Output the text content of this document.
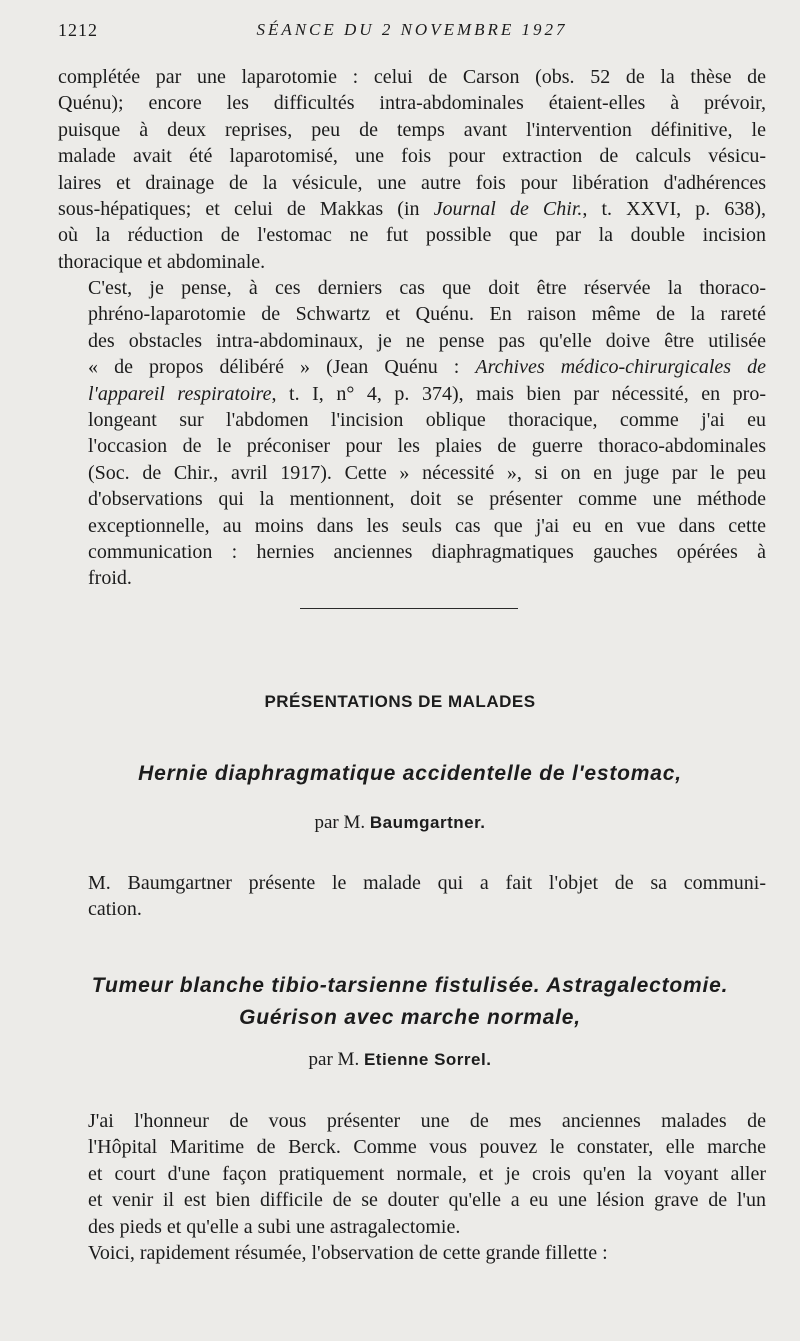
1212	SÉANCE DU 2 NOVEMBRE 1927

complétée par une laparotomie : celui de Carson (obs. 52 de la thèse de
Quénu); encore les difficultés intra-abdominales étaient-elles à prévoir,
puisque à deux reprises, peu de temps avant l'intervention définitive, le
malade avait été laparotomisé, une fois pour extraction de calculs vésicu-
laires et drainage de la vésicule, une autre fois pour libération d'adhérences
sous-hépatiques; et celui de Makkas (in Journal de Chir., t. XXVI, p. 638),
où la réduction de l'estomac ne fut possible que par la double incision
thoracique et abdominale.

C'est, je pense, à ces derniers cas que doit être réservée la thoraco-
phréno-laparotomie de Schwartz et Quénu. En raison même de la rareté
des obstacles intra-abdominaux, je ne pense pas qu'elle doive être utilisée
« de propos délibéré » (Jean Quénu : Archives médico-chirurgicales de
l'appareil respiratoire, t. I, n° 4, p. 374), mais bien par nécessité, en pro-
longeant sur l'abdomen l'incision oblique thoracique, comme j'ai eu
l'occasion de le préconiser pour les plaies de guerre thoraco-abdominales
(Soc. de Chir., avril 1917). Cette » nécessité », si on en juge par le peu
d'observations qui la mentionnent, doit se présenter comme une méthode
exceptionnelle, au moins dans les seuls cas que j'ai eu en vue dans cette
communication : hernies anciennes diaphragmatiques gauches opérées à
froid.

PRÉSENTATIONS DE MALADES
Hernie diaphragmatique accidentelle de l'estomac,
par M. Baumgartner.

M. Baumgartner présente le malade qui a fait l'objet de sa communi-
cation.

Tumeur blanche tibio-tarsienne fistulisée. Astragalectomie.
Guérison avec marche normale,
par M. Etienne Sorrel.

J'ai l'honneur de vous présenter une de mes anciennes malades de
l'Hôpital Maritime de Berck. Comme vous pouvez le constater, elle marche
et court d'une façon pratiquement normale, et je crois qu'en la voyant aller
et venir il est bien difficile de se douter qu'elle a eu une lésion grave de l'un
des pieds et qu'elle a subi une astragalectomie.
Voici, rapidement résumée, l'observation de cette grande fillette :
